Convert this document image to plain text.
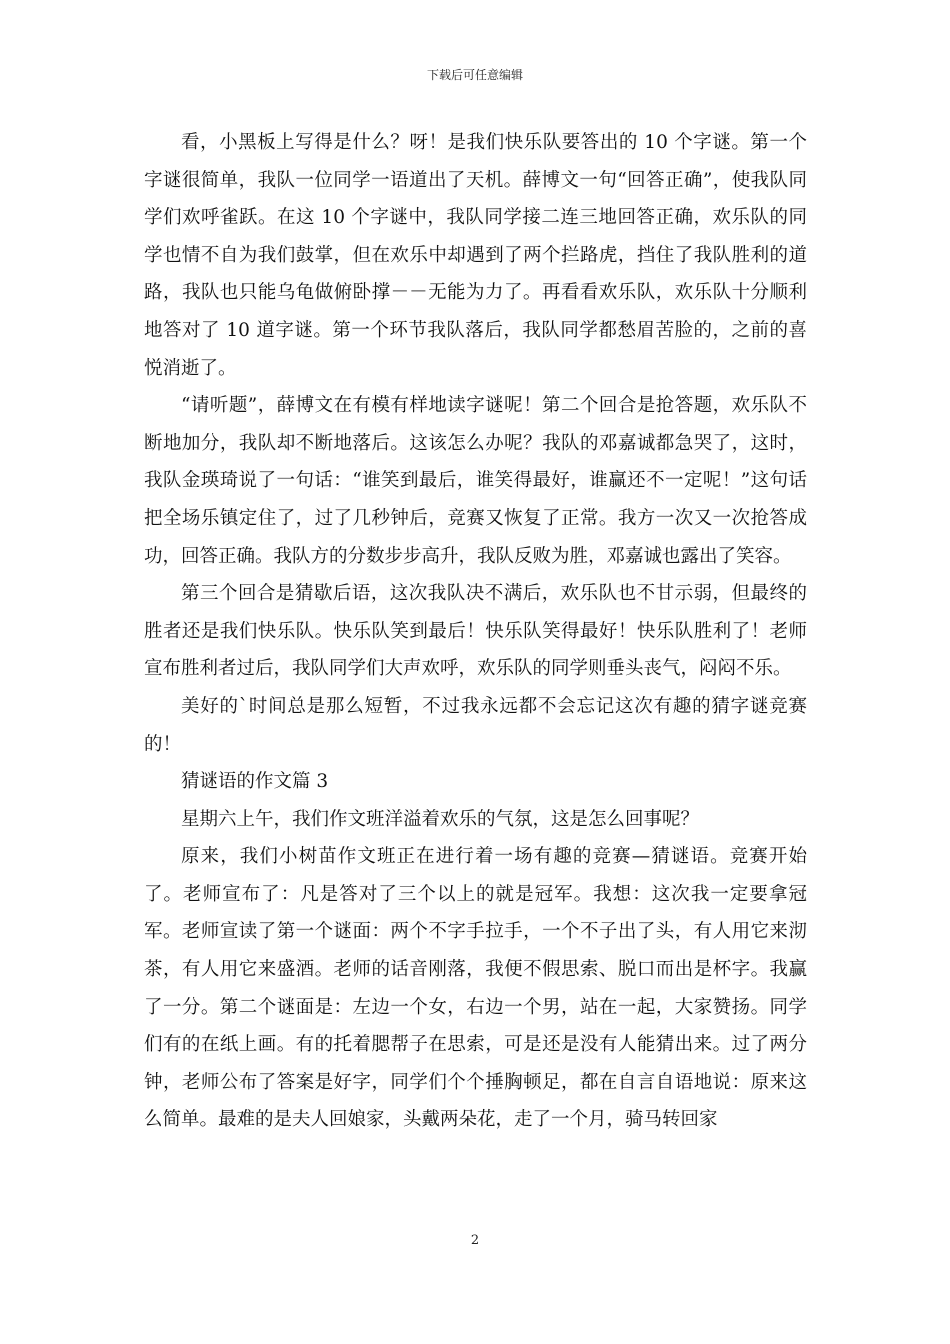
下载后可任意编辑

看，小黑板上写得是什么？呀！是我们快乐队要答出的 10 个字谜。第一个字谜很简单，我队一位同学一语道出了天机。薛博文一句“回答正确”，使我队同学们欢呼雀跃。在这 10 个字谜中，我队同学接二连三地回答正确，欢乐队的同学也情不自为我们鼓掌，但在欢乐中却遇到了两个拦路虎，挡住了我队胜利的道路，我队也只能乌龟做俯卧撑－－无能为力了。再看看欢乐队，欢乐队十分顺利地答对了 10 道字谜。第一个环节我队落后，我队同学都愁眉苦脸的，之前的喜悦消逝了。

“请听题”，薛博文在有模有样地读字谜呢！第二个回合是抢答题，欢乐队不断地加分，我队却不断地落后。这该怎么办呢？我队的邓嘉诚都急哭了，这时，我队金瑛琦说了一句话：“谁笑到最后，谁笑得最好，谁赢还不一定呢！”这句话把全场乐镇定住了，过了几秒钟后，竞赛又恢复了正常。我方一次又一次抢答成功，回答正确。我队方的分数步步高升，我队反败为胜，邓嘉诚也露出了笑容。

第三个回合是猜歇后语，这次我队决不满后，欢乐队也不甘示弱，但最终的胜者还是我们快乐队。快乐队笑到最后！快乐队笑得最好！快乐队胜利了！老师宣布胜利者过后，我队同学们大声欢呼，欢乐队的同学则垂头丧气，闷闷不乐。

美好的`时间总是那么短暂，不过我永远都不会忘记这次有趣的猜字谜竞赛的！

猜谜语的作文篇 3

星期六上午，我们作文班洋溢着欢乐的气氛，这是怎么回事呢？

原来，我们小树苗作文班正在进行着一场有趣的竞赛—猜谜语。竞赛开始了。老师宣布了：凡是答对了三个以上的就是冠军。我想：这次我一定要拿冠军。老师宣读了第一个谜面：两个不字手拉手，一个不子出了头，有人用它来沏茶，有人用它来盛酒。老师的话音刚落，我便不假思索、脱口而出是杯字。我赢了一分。第二个谜面是：左边一个女，右边一个男，站在一起，大家赞扬。同学们有的在纸上画。有的托着腮帮子在思索，可是还是没有人能猜出来。过了两分钟，老师公布了答案是好字，同学们个个捶胸顿足，都在自言自语地说：原来这么简单。最难的是夫人回娘家，头戴两朵花，走了一个月，骑马转回家

2
